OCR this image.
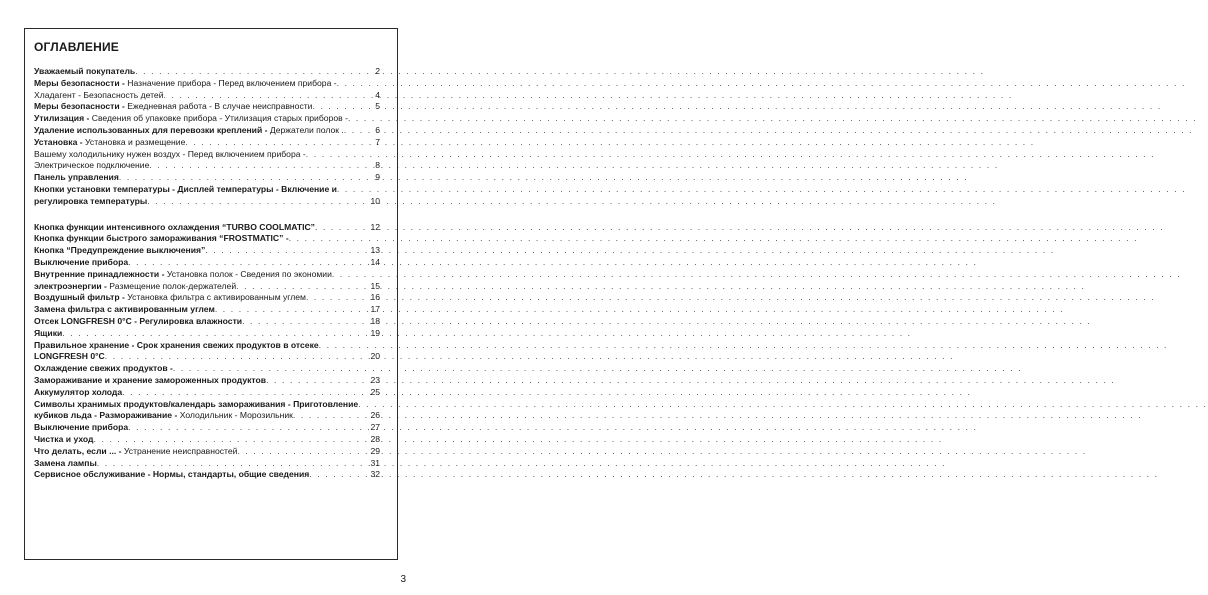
ОГЛАВЛЕНИЕ
Уважаемый покупатель . . .	2
Меры безопасности - Назначение прибора - Перед включением прибора -
. . .
Хладагент - Безопасность детей . . .	4
Меры безопасности - Ежедневная работа - В случае неисправности . . .	5
Утилизация - Сведения об упаковке прибора - Утилизация старых приборов -
. . .
Удаление использованных для перевозки креплений - Держатели полок . . . .	6
Установка - Установка и размещение . . .	7
Вашему холодильнику нужен воздух - Перед включением прибора -
. . .
Электрическое подключение . . .	8
Панель управления . . .	9
Кнопки установки температуры - Дисплей температуры - Включение и
. . .
регулировка температуры . . .	10
Кнопка функции интенсивного охлаждения “TURBO COOLMATIC” . . .	12
Кнопка функции быстрого замораживания “FROSTMATIC” -
. . .
Кнопка “Предупреждение выключения” . . .	13
Выключение прибора . . .	14
Внутренние принадлежности - Установка полок - Сведения по экономии
. . .
электроэнергии - Размещение полок-держателей . . .	15
Воздушный фильтр - Установка фильтра с активированным углем . . .	16
Замена фильтра с активированным углем . . .	17
Отсек LONGFRESH 0°C - Регулировка влажности . . .	18
Ящики . . .	19
Правильное хранение - Срок хранения свежих продуктов в отсеке
. . .
LONGFRESH 0°C . . .	20
Охлаждение свежих продуктов -
. . .
Замораживание и хранение замороженных продуктов . . .	23
Аккумулятор холода . . .	25
Символы хранимых продуктов/календарь замораживания - Приготовление
. . .
кубиков льда - Размораживание - Холодильник - Морозильник . . .	26
Выключение прибора . . .	27
Чистка и уход . . .	28
Что делать, если ... - Устранение неисправностей . . .	29
Замена лампы . . .	31
Сервисное обслуживание - Нормы, стандарты, общие сведения . . .	32
3
